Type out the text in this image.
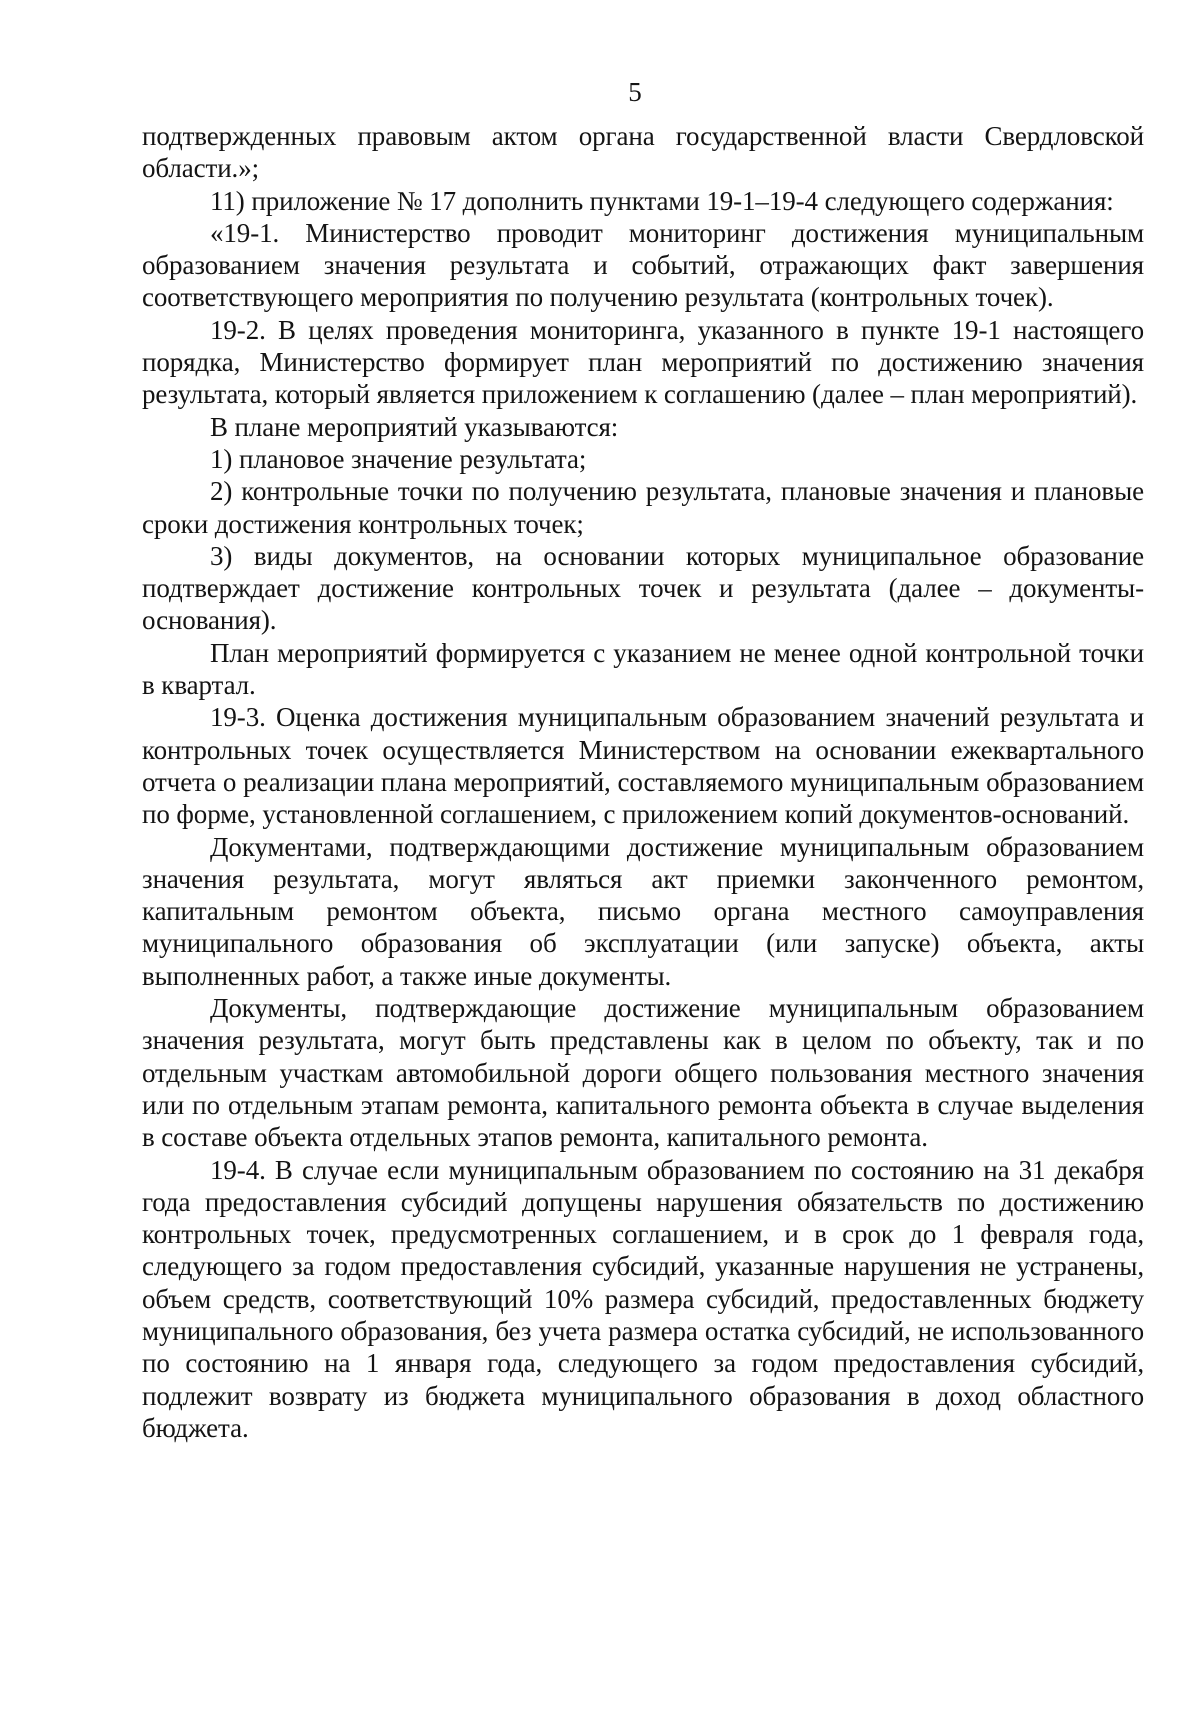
5

подтвержденных правовым актом органа государственной власти Свердловской области.»;

11) приложение № 17 дополнить пунктами 19-1–19-4 следующего содержания:

«19-1. Министерство проводит мониторинг достижения муниципальным образованием значения результата и событий, отражающих факт завершения соответствующего мероприятия по получению результата (контрольных точек).

19-2. В целях проведения мониторинга, указанного в пункте 19-1 настоящего порядка, Министерство формирует план мероприятий по достижению значения результата, который является приложением к соглашению (далее – план мероприятий).

В плане мероприятий указываются:

1) плановое значение результата;

2) контрольные точки по получению результата, плановые значения и плановые сроки достижения контрольных точек;

3) виды документов, на основании которых муниципальное образование подтверждает достижение контрольных точек и результата (далее – документы-основания).

План мероприятий формируется с указанием не менее одной контрольной точки в квартал.

19-3. Оценка достижения муниципальным образованием значений результата и контрольных точек осуществляется Министерством на основании ежеквартального отчета о реализации плана мероприятий, составляемого муниципальным образованием по форме, установленной соглашением, с приложением копий документов-оснований.

Документами, подтверждающими достижение муниципальным образованием значения результата, могут являться акт приемки законченного ремонтом, капитальным ремонтом объекта, письмо органа местного самоуправления муниципального образования об эксплуатации (или запуске) объекта, акты выполненных работ, а также иные документы.

Документы, подтверждающие достижение муниципальным образованием значения результата, могут быть представлены как в целом по объекту, так и по отдельным участкам автомобильной дороги общего пользования местного значения или по отдельным этапам ремонта, капитального ремонта объекта в случае выделения в составе объекта отдельных этапов ремонта, капитального ремонта.

19-4. В случае если муниципальным образованием по состоянию на 31 декабря года предоставления субсидий допущены нарушения обязательств по достижению контрольных точек, предусмотренных соглашением, и в срок до 1 февраля года, следующего за годом предоставления субсидий, указанные нарушения не устранены, объем средств, соответствующий 10% размера субсидий, предоставленных бюджету муниципального образования, без учета размера остатка субсидий, не использованного по состоянию на 1 января года, следующего за годом предоставления субсидий, подлежит возврату из бюджета муниципального образования в доход областного бюджета.
